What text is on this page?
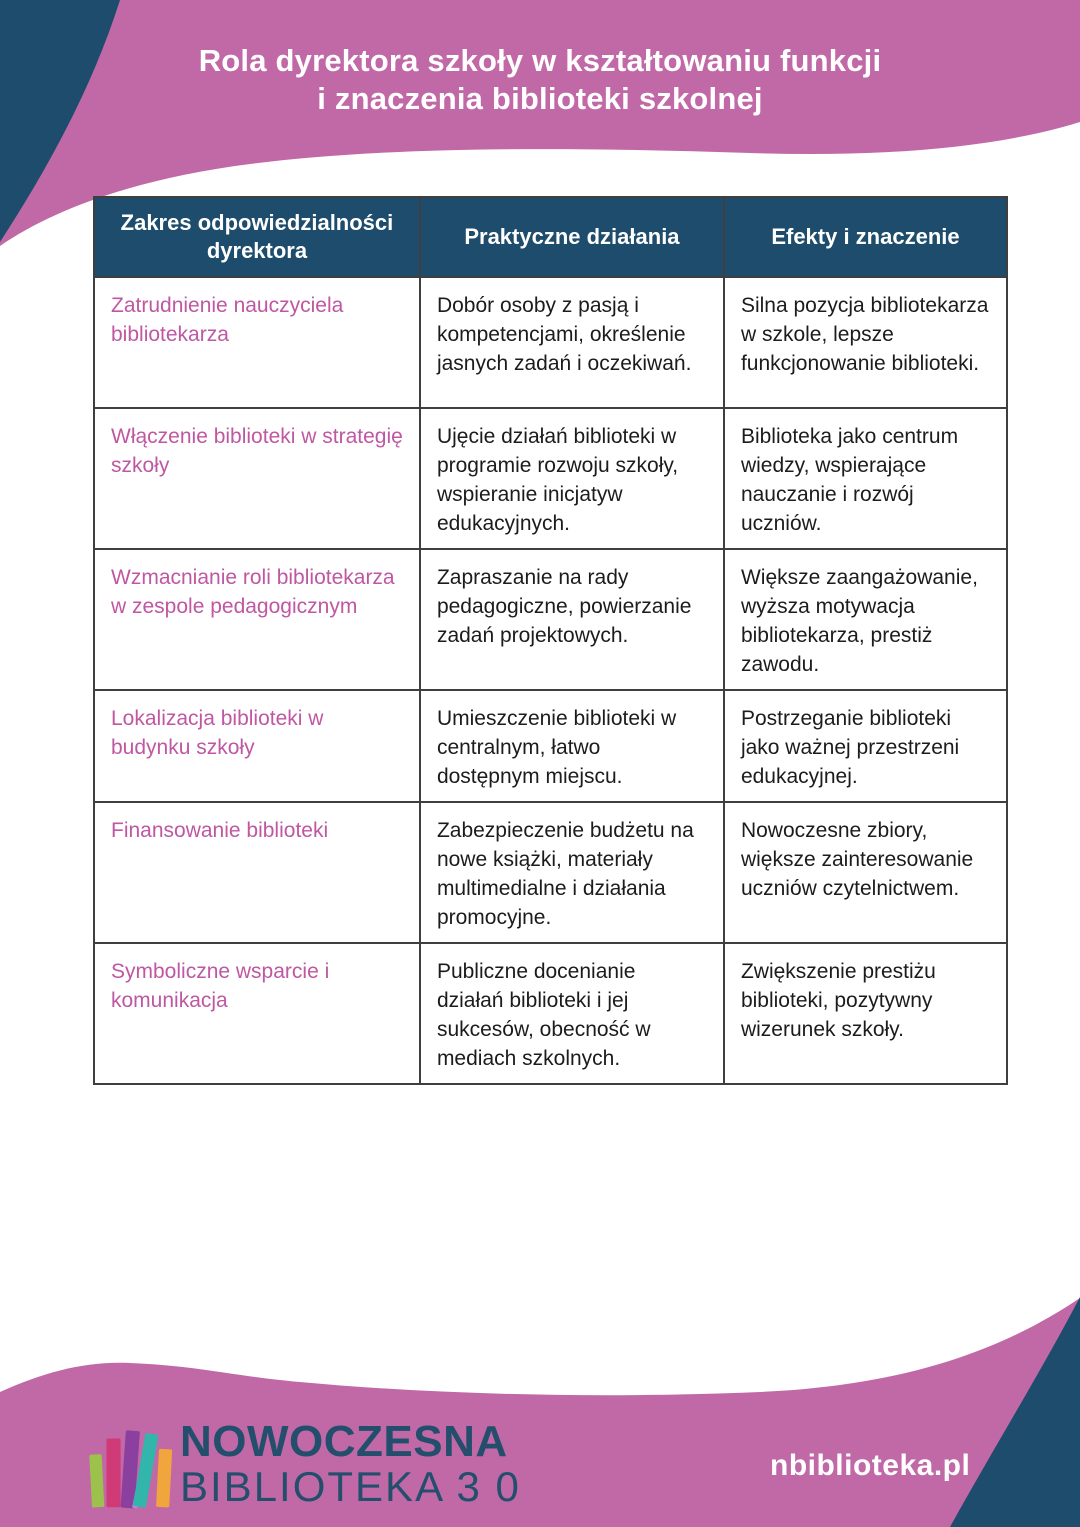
Rola dyrektora szkoły w kształtowaniu funkcji
i znaczenia biblioteki szkolnej
Zakres odpowiedzialności dyrektora	Praktyczne działania	Efekty i znaczenie
Zatrudnienie nauczyciela bibliotekarza	Dobór osoby z pasją i kompetencjami, określenie jasnych zadań i oczekiwań.	Silna pozycja bibliotekarza w szkole, lepsze funkcjonowanie biblioteki.
Włączenie biblioteki w strategię szkoły	Ujęcie działań biblioteki w programie rozwoju szkoły, wspieranie inicjatyw edukacyjnych.	Biblioteka jako centrum wiedzy, wspierające nauczanie i rozwój uczniów.
Wzmacnianie roli bibliotekarza w zespole pedagogicznym	Zapraszanie na rady pedagogiczne, powierzanie zadań projektowych.	Większe zaangażowanie, wyższa motywacja bibliotekarza, prestiż zawodu.
Lokalizacja biblioteki w budynku szkoły	Umieszczenie biblioteki w centralnym, łatwo dostępnym miejscu.	Postrzeganie biblioteki jako ważnej przestrzeni edukacyjnej.
Finansowanie biblioteki	Zabezpieczenie budżetu na nowe książki, materiały multimedialne i działania promocyjne.	Nowoczesne zbiory, większe zainteresowanie uczniów czytelnictwem.
Symboliczne wsparcie i komunikacja	Publiczne docenianie działań biblioteki i jej sukcesów, obecność w mediach szkolnych.	Zwiększenie prestiżu biblioteki, pozytywny wizerunek szkoły.
NOWOCZESNA
BIBLIOTEKA 3 0	nbiblioteka.pl
